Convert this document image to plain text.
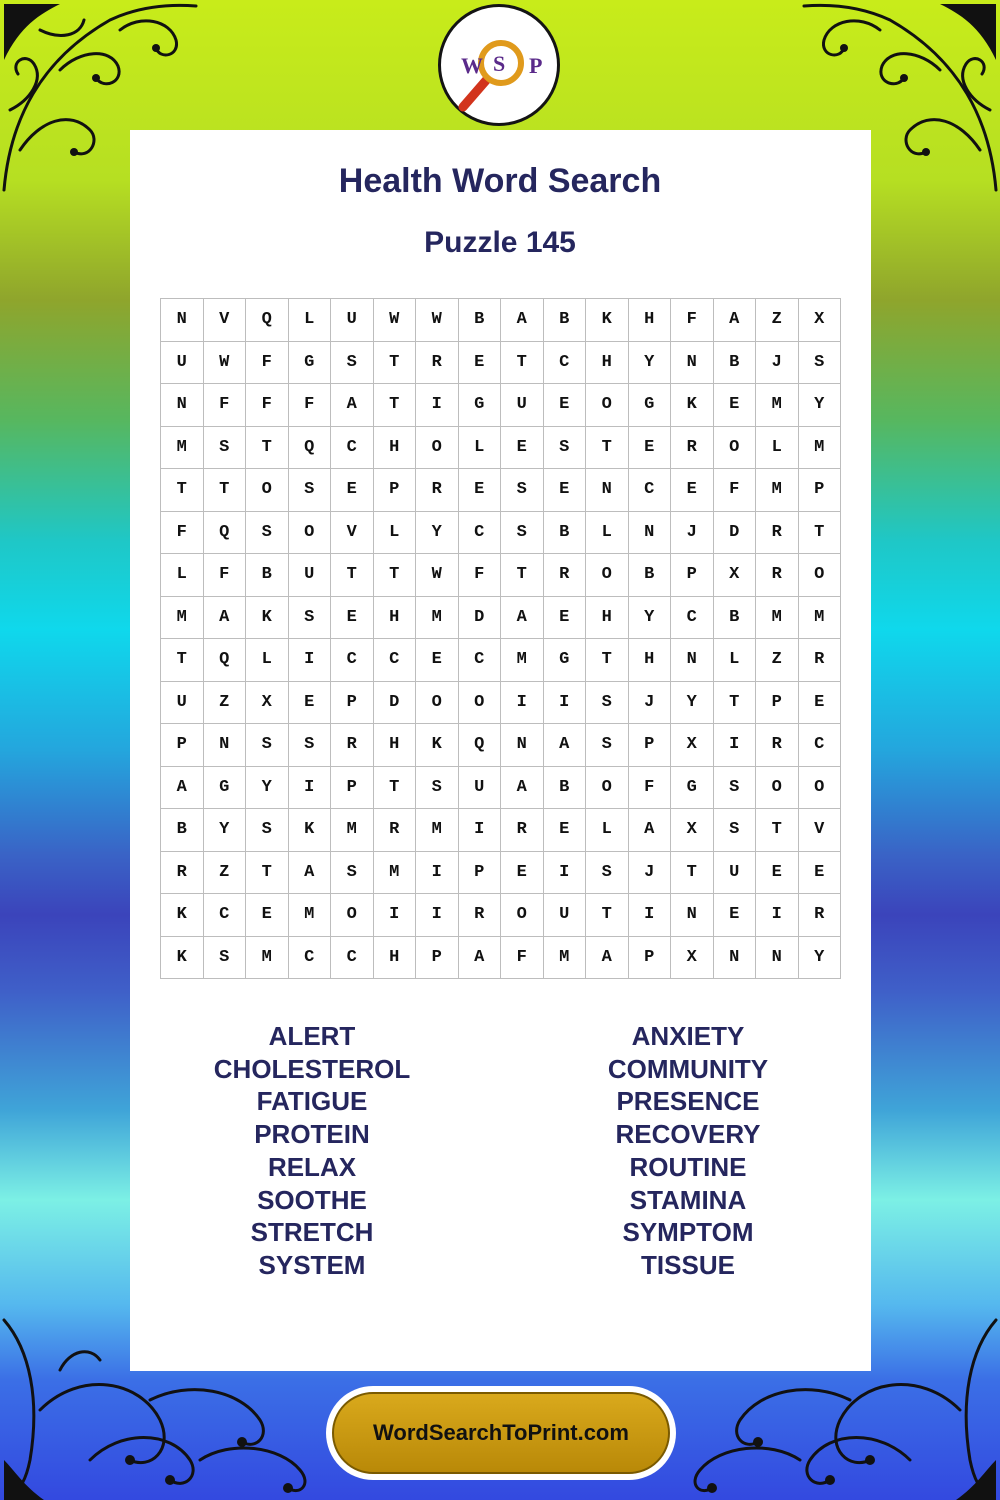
W S P
Health Word Search
Puzzle 145
N	V	Q	L	U	W	W	B	A	B	K	H	F	A	Z	X
U	W	F	G	S	T	R	E	T	C	H	Y	N	B	J	S
N	F	F	F	A	T	I	G	U	E	O	G	K	E	M	Y
M	S	T	Q	C	H	O	L	E	S	T	E	R	O	L	M
T	T	O	S	E	P	R	E	S	E	N	C	E	F	M	P
F	Q	S	O	V	L	Y	C	S	B	L	N	J	D	R	T
L	F	B	U	T	T	W	F	T	R	O	B	P	X	R	O
M	A	K	S	E	H	M	D	A	E	H	Y	C	B	M	M
T	Q	L	I	C	C	E	C	M	G	T	H	N	L	Z	R
U	Z	X	E	P	D	O	O	I	I	S	J	Y	T	P	E
P	N	S	S	R	H	K	Q	N	A	S	P	X	I	R	C
A	G	Y	I	P	T	S	U	A	B	O	F	G	S	O	O
B	Y	S	K	M	R	M	I	R	E	L	A	X	S	T	V
R	Z	T	A	S	M	I	P	E	I	S	J	T	U	E	E
K	C	E	M	O	I	I	R	O	U	T	I	N	E	I	R
K	S	M	C	C	H	P	A	F	M	A	P	X	N	N	Y
ALERT
CHOLESTEROL
FATIGUE
PROTEIN
RELAX
SOOTHE
STRETCH
SYSTEM
ANXIETY
COMMUNITY
PRESENCE
RECOVERY
ROUTINE
STAMINA
SYMPTOM
TISSUE
WordSearchToPrint.com
